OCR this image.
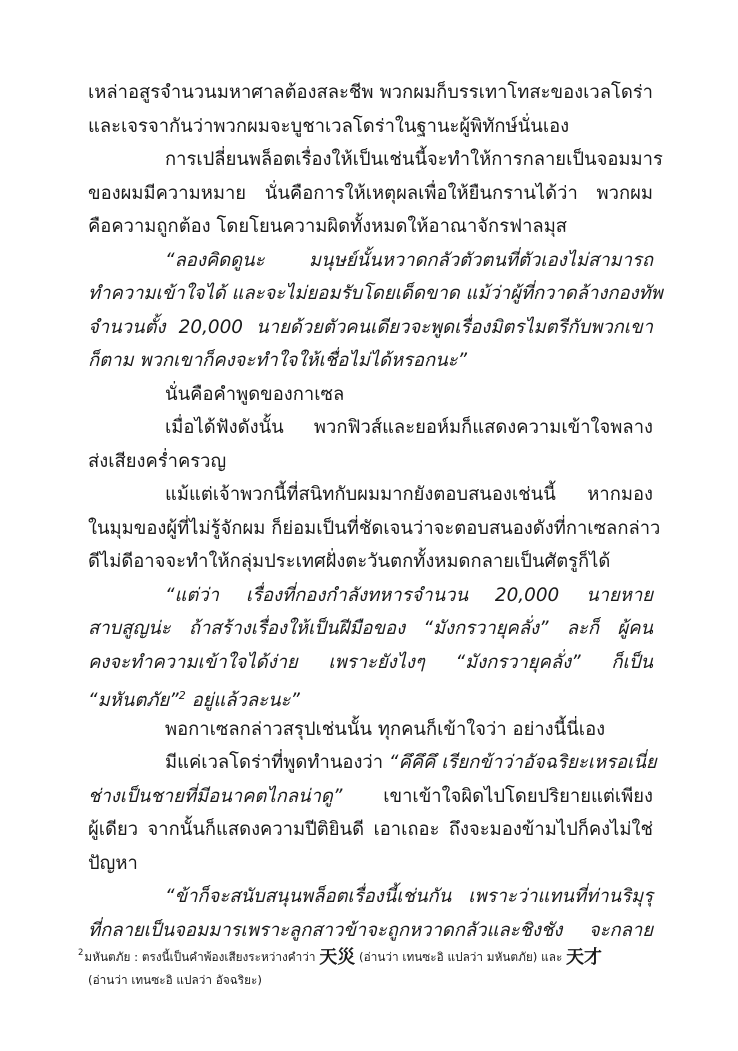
เหล่าอสูรจำนวนมหาศาลต้องสละชีพ พวกผมก็บรรเทาโทสะของเวลโดร่า
และเจรจากันว่าพวกผมจะบูชาเวลโดร่าในฐานะผู้พิทักษ์นั่นเอง
การเปลี่ยนพล็อตเรื่องให้เป็นเช่นนี้จะทำให้การกลายเป็นจอมมาร
ของผมมีความหมาย นั่นคือการให้เหตุผลเพื่อให้ยืนกรานได้ว่า พวกผม
คือความถูกต้อง โดยโยนความผิดทั้งหมดให้อาณาจักรฟาลมุส
“ลองคิดดูนะ มนุษย์นั้นหวาดกลัวตัวตนที่ตัวเองไม่สามารถ
ทำความเข้าใจได้ และจะไม่ยอมรับโดยเด็ดขาด แม้ว่าผู้ที่กวาดล้างกองทัพ
จำนวนตั้ง 20,000 นายด้วยตัวคนเดียวจะพูดเรื่องมิตรไมตรีกับพวกเขา
ก็ตาม พวกเขาก็คงจะทำใจให้เชื่อไม่ได้หรอกนะ”
นั่นคือคำพูดของกาเซล
เมื่อได้ฟังดังนั้น พวกฟิวส์และยอห์มก็แสดงความเข้าใจพลาง
ส่งเสียงคร่ำครวญ
แม้แต่เจ้าพวกนี้ที่สนิทกับผมมากยังตอบสนองเช่นนี้ หากมอง
ในมุมของผู้ที่ไม่รู้จักผม ก็ย่อมเป็นที่ชัดเจนว่าจะตอบสนองดังที่กาเซลกล่าว
ดีไม่ดีอาจจะทำให้กลุ่มประเทศฝั่งตะวันตกทั้งหมดกลายเป็นศัตรูก็ได้
“แต่ว่า เรื่องที่กองกำลังทหารจำนวน 20,000 นายหาย
สาบสูญน่ะ ถ้าสร้างเรื่องให้เป็นฝีมือของ “มังกรวายุคลั่ง” ละก็ ผู้คน
คงจะทำความเข้าใจได้ง่าย เพราะยังไงๆ “มังกรวายุคลั่ง” ก็เป็น
“มหันตภัย”$^2$ อยู่แล้วละนะ”
พอกาเซลกล่าวสรุปเช่นนั้น ทุกคนก็เข้าใจว่า อย่างนี้นี่เอง
มีแค่เวลโดร่าที่พูดทำนองว่า “คึคึคึ เรียกข้าว่าอัจฉริยะเหรอเนี่ย
ช่างเป็นชายที่มีอนาคตไกลน่าดู” เขาเข้าใจผิดไปโดยปริยายแต่เพียง
ผู้เดียว จากนั้นก็แสดงความปีติยินดี เอาเถอะ ถึงจะมองข้ามไปก็คงไม่ใช่
ปัญหา
“ข้าก็จะสนับสนุนพล็อตเรื่องนี้เช่นกัน เพราะว่าแทนที่ท่านริมุรุ
ที่กลายเป็นจอมมารเพราะลูกสาวข้าจะถูกหวาดกลัวและชิงชัง จะกลาย
$^2$มหันตภัย : ตรงนี้เป็นคำพ้องเสียงระหว่างคำว่า 天災 (อ่านว่า เทนซะอิ แปลว่า มหันตภัย) และ 天才
(อ่านว่า เทนซะอิ แปลว่า อัจฉริยะ)
